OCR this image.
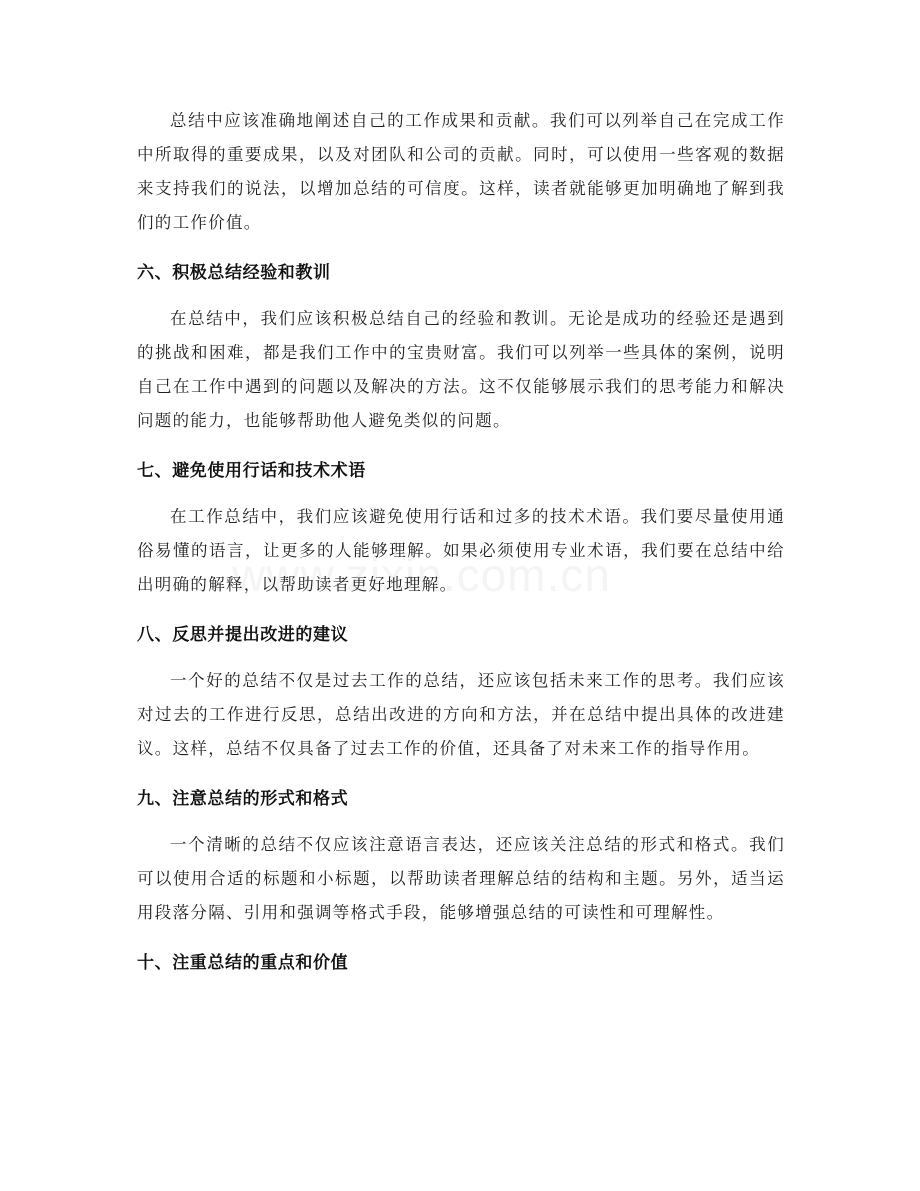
总结中应该准确地阐述自己的工作成果和贡献。我们可以列举自己在完成工作中所取得的重要成果，以及对团队和公司的贡献。同时，可以使用一些客观的数据来支持我们的说法，以增加总结的可信度。这样，读者就能够更加明确地了解到我们的工作价值。

六、积极总结经验和教训

在总结中，我们应该积极总结自己的经验和教训。无论是成功的经验还是遇到的挑战和困难，都是我们工作中的宝贵财富。我们可以列举一些具体的案例，说明自己在工作中遇到的问题以及解决的方法。这不仅能够展示我们的思考能力和解决问题的能力，也能够帮助他人避免类似的问题。

七、避免使用行话和技术术语

在工作总结中，我们应该避免使用行话和过多的技术术语。我们要尽量使用通俗易懂的语言，让更多的人能够理解。如果必须使用专业术语，我们要在总结中给出明确的解释，以帮助读者更好地理解。

八、反思并提出改进的建议

一个好的总结不仅是过去工作的总结，还应该包括未来工作的思考。我们应该对过去的工作进行反思，总结出改进的方向和方法，并在总结中提出具体的改进建议。这样，总结不仅具备了过去工作的价值，还具备了对未来工作的指导作用。

九、注意总结的形式和格式

一个清晰的总结不仅应该注意语言表达，还应该关注总结的形式和格式。我们可以使用合适的标题和小标题，以帮助读者理解总结的结构和主题。另外，适当运用段落分隔、引用和强调等格式手段，能够增强总结的可读性和可理解性。

十、注重总结的重点和价值
